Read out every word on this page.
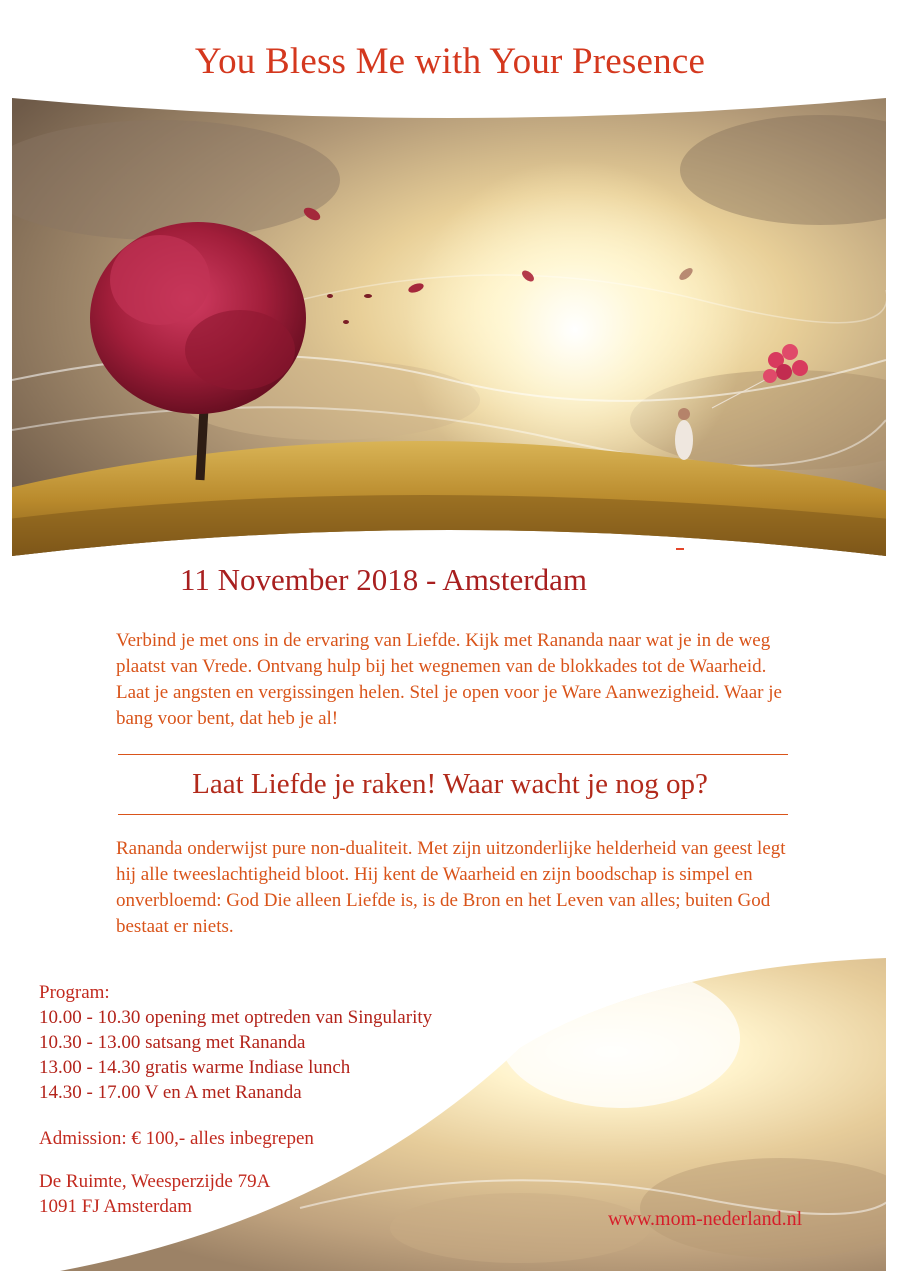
You Bless Me with Your Presence
11 November 2018 - Amsterdam
Verbind je met ons in de ervaring van Liefde. Kijk met Rananda naar wat je in de weg plaatst van Vrede. Ontvang hulp bij het wegnemen van de blokkades tot de Waarheid. Laat je angsten en vergissingen helen. Stel je open voor je Ware Aanwezigheid. Waar je bang voor bent, dat heb je al!
Laat Liefde je raken! Waar wacht je nog op?
Rananda onderwijst pure non-dualiteit. Met zijn uitzonderlijke helderheid van geest legt hij alle tweeslachtigheid bloot. Hij kent de Waarheid en zijn boodschap is simpel en onverbloemd: God Die alleen Liefde is, is de Bron en het Leven van alles; buiten God bestaat er niets.
Program:
10.00 - 10.30 opening met optreden van Singularity
10.30 - 13.00 satsang met Rananda
13.00 - 14.30 gratis warme Indiase lunch
14.30 - 17.00 V en A met Rananda
Admission: € 100,- alles inbegrepen
De Ruimte, Weesperzijde 79A
1091 FJ Amsterdam
www.mom-nederland.nl
